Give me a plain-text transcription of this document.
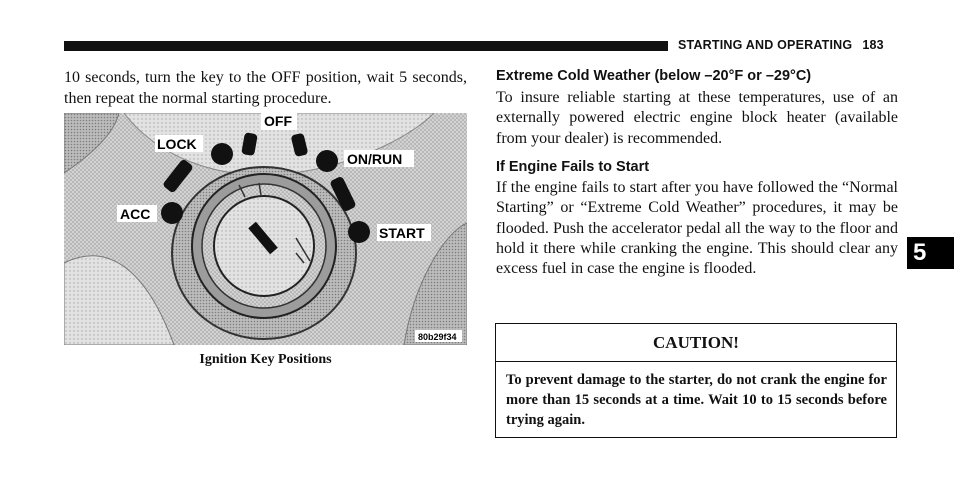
STARTING AND OPERATING 183
10 seconds, turn the key to the OFF position, wait 5 seconds, then repeat the normal starting procedure.
LOCK
OFF
ON/RUN
ACC
START
80b29f34
Ignition Key Positions
Extreme Cold Weather (below –20°F or –29°C)
To insure reliable starting at these temperatures, use of an externally powered electric engine block heater (available from your dealer) is recommended.
If Engine Fails to Start
If the engine fails to start after you have followed the “Normal Starting” or “Extreme Cold Weather” procedures, it may be flooded. Push the accelerator pedal all the way to the floor and hold it there while cranking the engine. This should clear any excess fuel in case the engine is flooded.
5
CAUTION!
To prevent damage to the starter, do not crank the engine for more than 15 seconds at a time. Wait 10 to 15 seconds before trying again.
